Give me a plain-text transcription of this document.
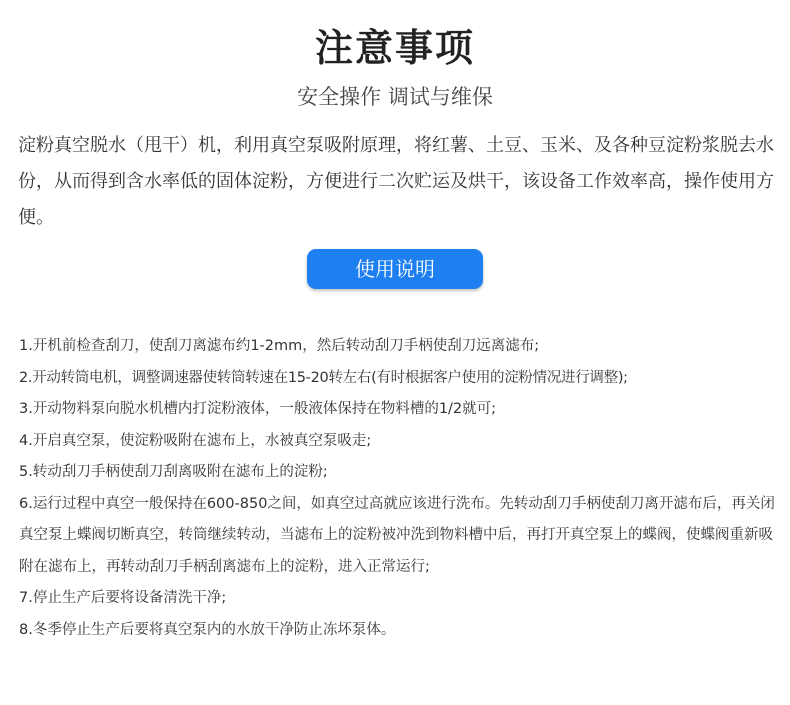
注意事项
安全操作 调试与维保

淀粉真空脱水（甩干）机，利用真空泵吸附原理，将红薯、土豆、玉米、及各种豆淀粉浆脱去水份，从而得到含水率低的固体淀粉，方便进行二次贮运及烘干，该设备工作效率高，操作使用方便。

使用说明
1.开机前检查刮刀，使刮刀离滤布约1-2mm，然后转动刮刀手柄使刮刀远离滤布;
2.开动转筒电机，调整调速器使转筒转速在15-20转左右(有时根据客户使用的淀粉情况进行调整);
3.开动物料泵向脱水机槽内打淀粉液体，一般液体保持在物料槽的1/2就可;
4.开启真空泵，使淀粉吸附在滤布上，水被真空泵吸走;
5.转动刮刀手柄使刮刀刮离吸附在滤布上的淀粉;
6.运行过程中真空一般保持在600-850之间，如真空过高就应该进行洗布。先转动刮刀手柄使刮刀离开滤布后，再关闭真空泵上蝶阀切断真空，转筒继续转动，当滤布上的淀粉被冲洗到物料槽中后，再打开真空泵上的蝶阀，使蝶阀重新吸附在滤布上，再转动刮刀手柄刮离滤布上的淀粉，进入正常运行;
7.停止生产后要将设备清洗干净;
8.冬季停止生产后要将真空泵内的水放干净防止冻坏泵体。
